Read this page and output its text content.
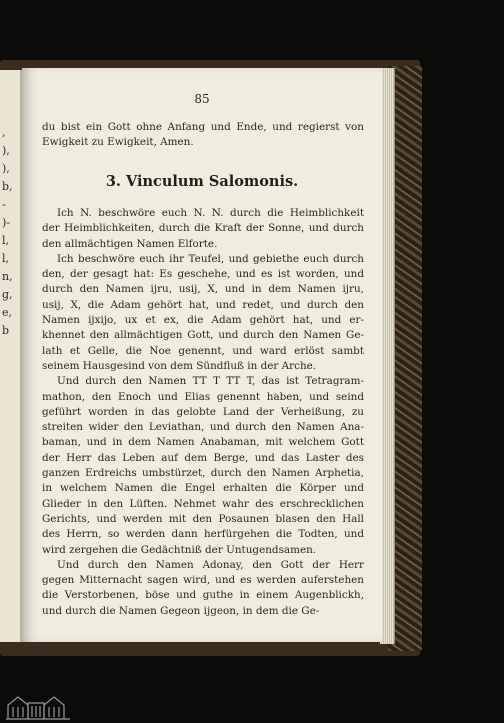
,
),
),
b,
-
)-
l,
l,
n,
g,
e,
b
85
du bist ein Gott ohne Anfang und Ende, und regierst von
Ewigkeit zu Ewigkeit, Amen.
3. Vinculum Salomonis.
Ich N. beschwöre euch N. N. durch die Heimblichkeit
der Heimblichkeiten, durch die Kraft der Sonne, und durch
den allmächtigen Namen Elforte.
Ich beschwöre euch ihr Teufel, und gebiethe euch durch
den, der gesagt hat: Es geschehe, und es ist worden, und
durch den Namen ijru, usij, X, und in dem Namen ijru,
usij, X, die Adam gehört hat, und redet, und durch den
Namen ijxijo, ux et ex, die Adam gehört hat, und er-
khennet den allmächtigen Gott, und durch den Namen Ge-
lath et Gelle, die Noe genennt, und ward erlöst sambt
seinem Hausgesind von dem Sündfluß in der Arche.
Und durch den Namen TT T TT T, das ist Tetragram-
mathon, den Enoch und Elias genennt haben, und seind
geführt worden in das gelobte Land der Verheißung, zu
streiten wider den Leviathan, und durch den Namen Ana-
baman, und in dem Namen Anabaman, mit welchem Gott
der Herr das Leben auf dem Berge, und das Laster des
ganzen Erdreichs umbstürzet, durch den Namen Arphetia,
in welchem Namen die Engel erhalten die Körper und
Glieder in den Lüften. Nehmet wahr des erschrecklichen
Gerichts, und werden mit den Posaunen blasen den Hall
des Herrn, so werden dann herfürgehen die Todten, und
wird zergehen die Gedächtniß der Untugendsamen.
Und durch den Namen Adonay, den Gott der Herr
gegen Mitternacht sagen wird, und es werden auferstehen
die Verstorbenen, böse und guthe in einem Augenblickh,
und durch die Namen Gegeon ijgeon, in dem die Ge-
